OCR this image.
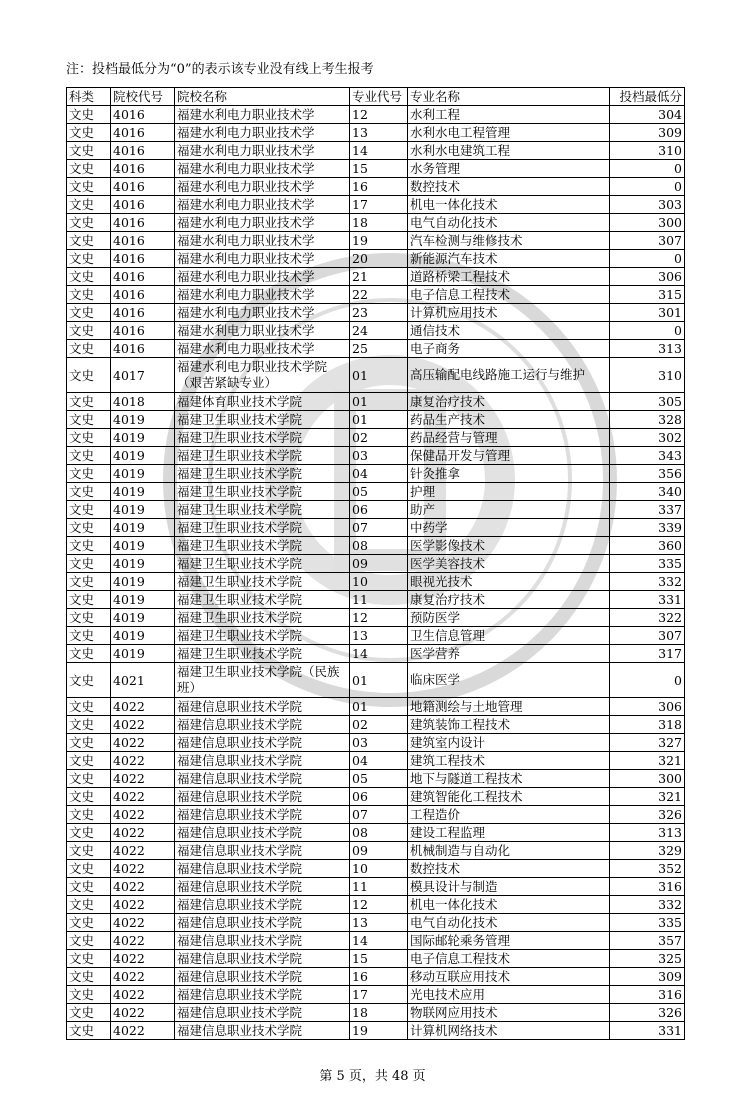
注：投档最低分为“0”的表示该专业没有线上考生报考
科类	院校代号	院校名称	专业代号	专业名称	投档最低分
文史	4016	福建水利电力职业技术学	12	水利工程	304
文史	4016	福建水利电力职业技术学	13	水利水电工程管理	309
文史	4016	福建水利电力职业技术学	14	水利水电建筑工程	310
文史	4016	福建水利电力职业技术学	15	水务管理	0
文史	4016	福建水利电力职业技术学	16	数控技术	0
文史	4016	福建水利电力职业技术学	17	机电一体化技术	303
文史	4016	福建水利电力职业技术学	18	电气自动化技术	300
文史	4016	福建水利电力职业技术学	19	汽车检测与维修技术	307
文史	4016	福建水利电力职业技术学	20	新能源汽车技术	0
文史	4016	福建水利电力职业技术学	21	道路桥梁工程技术	306
文史	4016	福建水利电力职业技术学	22	电子信息工程技术	315
文史	4016	福建水利电力职业技术学	23	计算机应用技术	301
文史	4016	福建水利电力职业技术学	24	通信技术	0
文史	4016	福建水利电力职业技术学	25	电子商务	313
文史	4017	福建水利电力职业技术学院（艰苦紧缺专业）	01	高压输配电线路施工运行与维护	310
文史	4018	福建体育职业技术学院	01	康复治疗技术	305
文史	4019	福建卫生职业技术学院	01	药品生产技术	328
文史	4019	福建卫生职业技术学院	02	药品经营与管理	302
文史	4019	福建卫生职业技术学院	03	保健品开发与管理	343
文史	4019	福建卫生职业技术学院	04	针灸推拿	356
文史	4019	福建卫生职业技术学院	05	护理	340
文史	4019	福建卫生职业技术学院	06	助产	337
文史	4019	福建卫生职业技术学院	07	中药学	339
文史	4019	福建卫生职业技术学院	08	医学影像技术	360
文史	4019	福建卫生职业技术学院	09	医学美容技术	335
文史	4019	福建卫生职业技术学院	10	眼视光技术	332
文史	4019	福建卫生职业技术学院	11	康复治疗技术	331
文史	4019	福建卫生职业技术学院	12	预防医学	322
文史	4019	福建卫生职业技术学院	13	卫生信息管理	307
文史	4019	福建卫生职业技术学院	14	医学营养	317
文史	4021	福建卫生职业技术学院（民族班）	01	临床医学	0
文史	4022	福建信息职业技术学院	01	地籍测绘与土地管理	306
文史	4022	福建信息职业技术学院	02	建筑装饰工程技术	318
文史	4022	福建信息职业技术学院	03	建筑室内设计	327
文史	4022	福建信息职业技术学院	04	建筑工程技术	321
文史	4022	福建信息职业技术学院	05	地下与隧道工程技术	300
文史	4022	福建信息职业技术学院	06	建筑智能化工程技术	321
文史	4022	福建信息职业技术学院	07	工程造价	326
文史	4022	福建信息职业技术学院	08	建设工程监理	313
文史	4022	福建信息职业技术学院	09	机械制造与自动化	329
文史	4022	福建信息职业技术学院	10	数控技术	352
文史	4022	福建信息职业技术学院	11	模具设计与制造	316
文史	4022	福建信息职业技术学院	12	机电一体化技术	332
文史	4022	福建信息职业技术学院	13	电气自动化技术	335
文史	4022	福建信息职业技术学院	14	国际邮轮乘务管理	357
文史	4022	福建信息职业技术学院	15	电子信息工程技术	325
文史	4022	福建信息职业技术学院	16	移动互联应用技术	309
文史	4022	福建信息职业技术学院	17	光电技术应用	316
文史	4022	福建信息职业技术学院	18	物联网应用技术	326
文史	4022	福建信息职业技术学院	19	计算机网络技术	331
第 5 页，共 48 页
